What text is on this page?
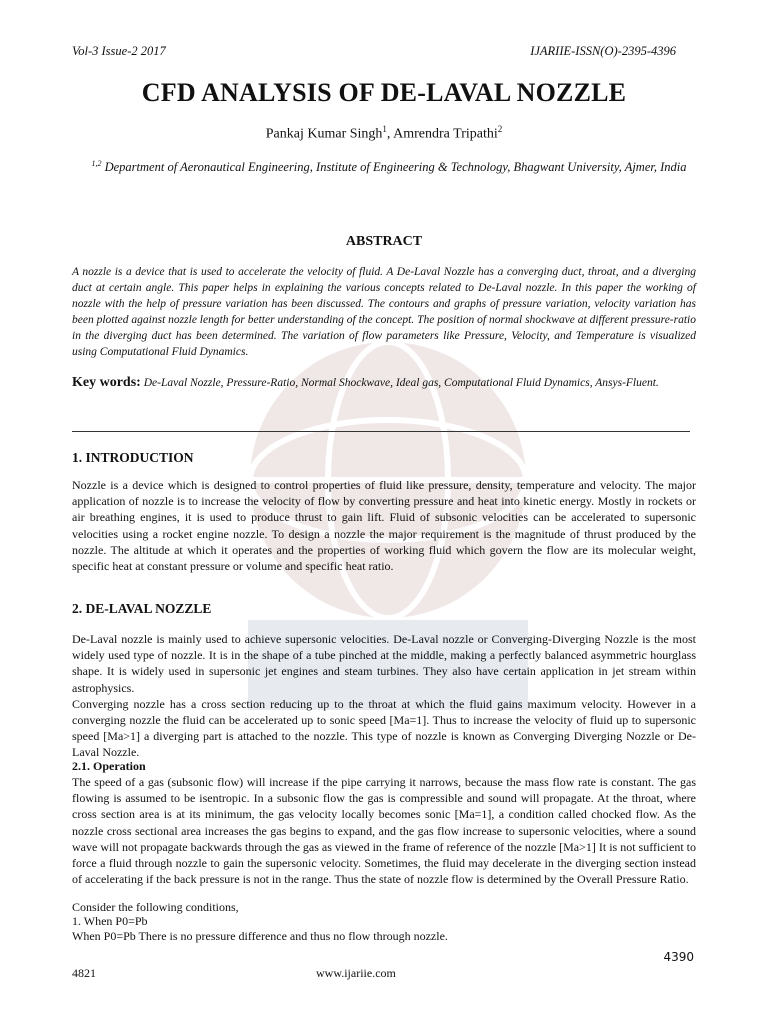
Vol-3 Issue-2 2017	IJARIIE-ISSN(O)-2395-4396
CFD ANALYSIS OF DE-LAVAL NOZZLE
Pankaj Kumar Singh$^1$, Amrendra Tripathi$^2$
$^{1,2}$ Department of Aeronautical Engineering, Institute of Engineering & Technology, Bhagwant University, Ajmer, India
ABSTRACT
A nozzle is a device that is used to accelerate the velocity of fluid. A De-Laval Nozzle has a converging duct, throat, and a diverging duct at certain angle. This paper helps in explaining the various concepts related to De-Laval nozzle. In this paper the working of nozzle with the help of pressure variation has been discussed. The contours and graphs of pressure variation, velocity variation has been plotted against nozzle length for better understanding of the concept. The position of normal shockwave at different pressure-ratio in the diverging duct has been determined. The variation of flow parameters like Pressure, Velocity, and Temperature is visualized using Computational Fluid Dynamics.
Key words: De-Laval Nozzle, Pressure-Ratio, Normal Shockwave, Ideal gas, Computational Fluid Dynamics, Ansys-Fluent.
1. INTRODUCTION
Nozzle is a device which is designed to control properties of fluid like pressure, density, temperature and velocity. The major application of nozzle is to increase the velocity of flow by converting pressure and heat into kinetic energy. Mostly in rockets or air breathing engines, it is used to produce thrust to gain lift. Fluid of subsonic velocities can be accelerated to supersonic velocities using a rocket engine nozzle. To design a nozzle the major requirement is the magnitude of thrust produced by the nozzle. The altitude at which it operates and the properties of working fluid which govern the flow are its molecular weight, specific heat at constant pressure or volume and specific heat ratio.
2. DE-LAVAL NOZZLE

De-Laval nozzle is mainly used to achieve supersonic velocities. De-Laval nozzle or Converging-Diverging Nozzle is the most widely used type of nozzle. It is in the shape of a tube pinched at the middle, making a perfectly balanced asymmetric hourglass shape. It is widely used in supersonic jet engines and steam turbines. They also have certain application in jet stream within astrophysics.

Converging nozzle has a cross section reducing up to the throat at which the fluid gains maximum velocity. However in a converging nozzle the fluid can be accelerated up to sonic speed [Ma=1]. Thus to increase the velocity of fluid up to supersonic speed [Ma>1] a diverging part is attached to the nozzle. This type of nozzle is known as Converging Diverging Nozzle or De-Laval Nozzle.

2.1. Operation
The speed of a gas (subsonic flow) will increase if the pipe carrying it narrows, because the mass flow rate is constant. The gas flowing is assumed to be isentropic. In a subsonic flow the gas is compressible and sound will propagate. At the throat, where cross section area is at its minimum, the gas velocity locally becomes sonic [Ma=1], a condition called chocked flow. As the nozzle cross sectional area increases the gas begins to expand, and the gas flow increase to supersonic velocities, where a sound wave will not propagate backwards through the gas as viewed in the frame of reference of the nozzle [Ma>1] It is not sufficient to force a fluid through nozzle to gain the supersonic velocity. Sometimes, the fluid may decelerate in the diverging section instead of accelerating if the back pressure is not in the range. Thus the state of nozzle flow is determined by the Overall Pressure Ratio.
Consider the following conditions,
1. When P0=Pb
When P0=Pb There is no pressure difference and thus no flow through nozzle.
4390
4821	www.ijariie.com
